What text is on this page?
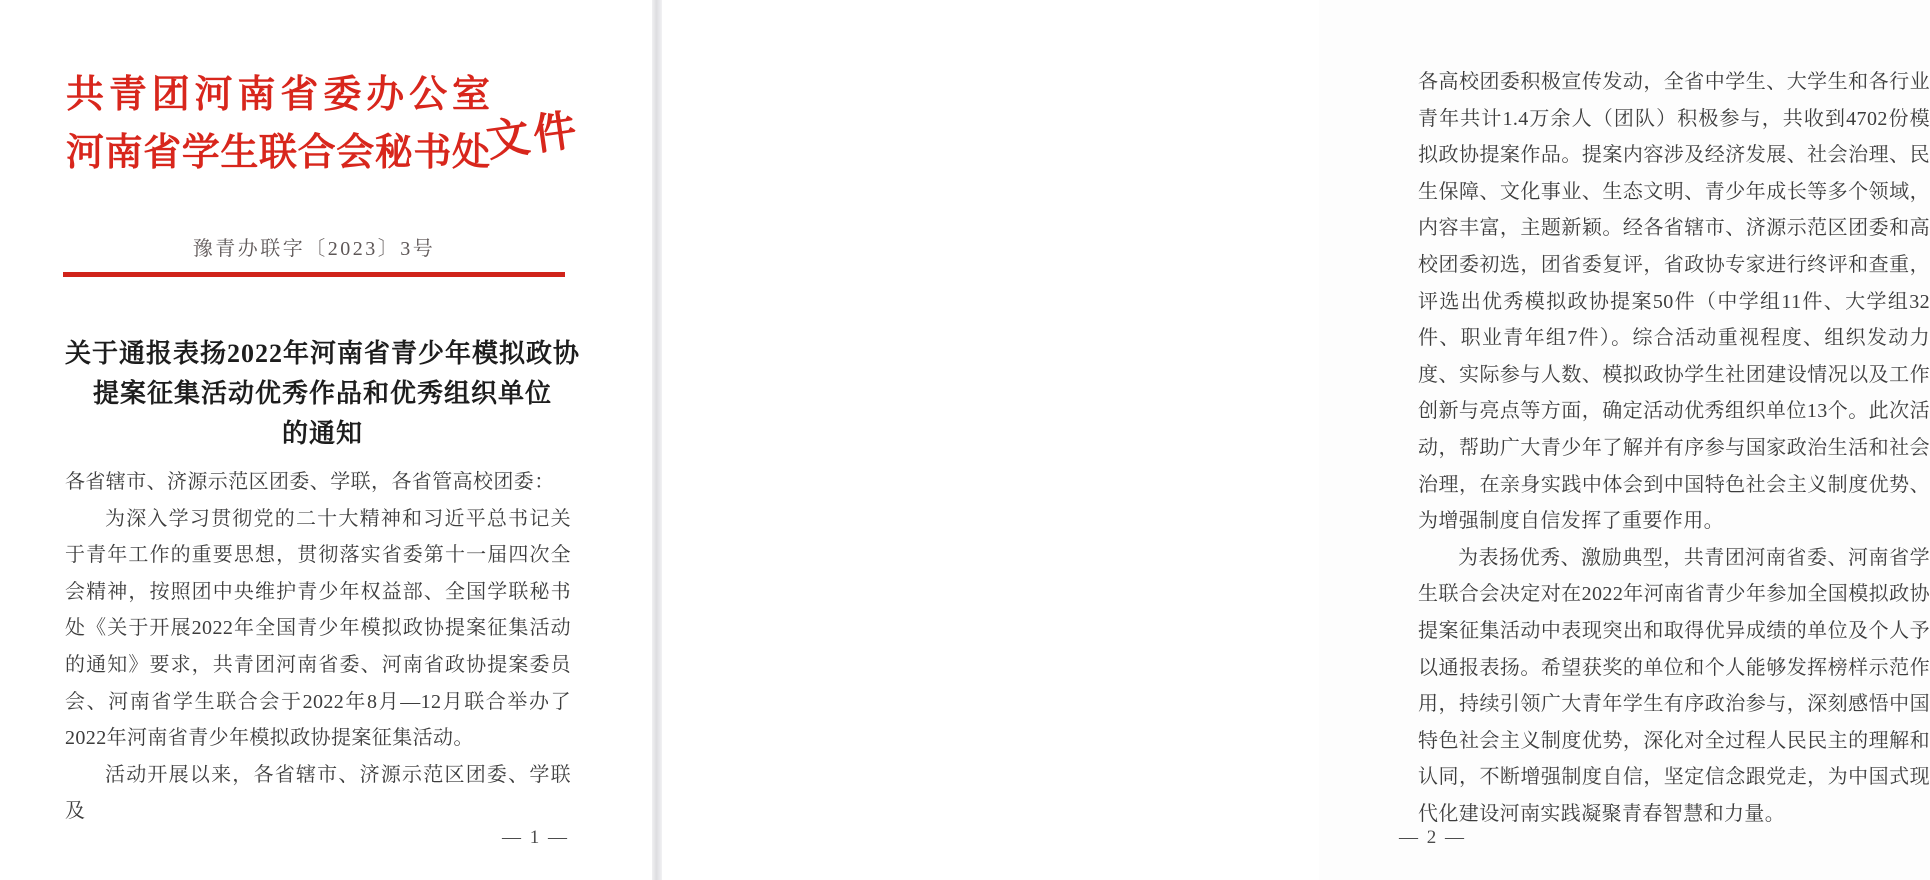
共青团河南省委办公室
河南省学生联合会秘书处
文件
豫青办联字〔2023〕3号
关于通报表扬2022年河南省青少年模拟政协
提案征集活动优秀作品和优秀组织单位
的通知

各省辖市、济源示范区团委、学联，各省管高校团委：

为深入学习贯彻党的二十大精神和习近平总书记关于青年工作的重要思想，贯彻落实省委第十一届四次全会精神，按照团中央维护青少年权益部、全国学联秘书处《关于开展2022年全国青少年模拟政协提案征集活动的通知》要求，共青团河南省委、河南省政协提案委员会、河南省学生联合会于2022年8月—12月联合举办了2022年河南省青少年模拟政协提案征集活动。

活动开展以来，各省辖市、济源示范区团委、学联及

— 1 —

各高校团委积极宣传发动，全省中学生、大学生和各行业青年共计1.4万余人（团队）积极参与，共收到4702份模拟政协提案作品。提案内容涉及经济发展、社会治理、民生保障、文化事业、生态文明、青少年成长等多个领域，内容丰富，主题新颖。经各省辖市、济源示范区团委和高校团委初选，团省委复评，省政协专家进行终评和查重，评选出优秀模拟政协提案50件（中学组11件、大学组32件、职业青年组7件）。综合活动重视程度、组织发动力度、实际参与人数、模拟政协学生社团建设情况以及工作创新与亮点等方面，确定活动优秀组织单位13个。此次活动，帮助广大青少年了解并有序参与国家政治生活和社会治理，在亲身实践中体会到中国特色社会主义制度优势、为增强制度自信发挥了重要作用。

为表扬优秀、激励典型，共青团河南省委、河南省学生联合会决定对在2022年河南省青少年参加全国模拟政协提案征集活动中表现突出和取得优异成绩的单位及个人予以通报表扬。希望获奖的单位和个人能够发挥榜样示范作用，持续引领广大青年学生有序政治参与，深刻感悟中国特色社会主义制度优势，深化对全过程人民民主的理解和认同，不断增强制度自信，坚定信念跟党走，为中国式现代化建设河南实践凝聚青春智慧和力量。

— 2 —
